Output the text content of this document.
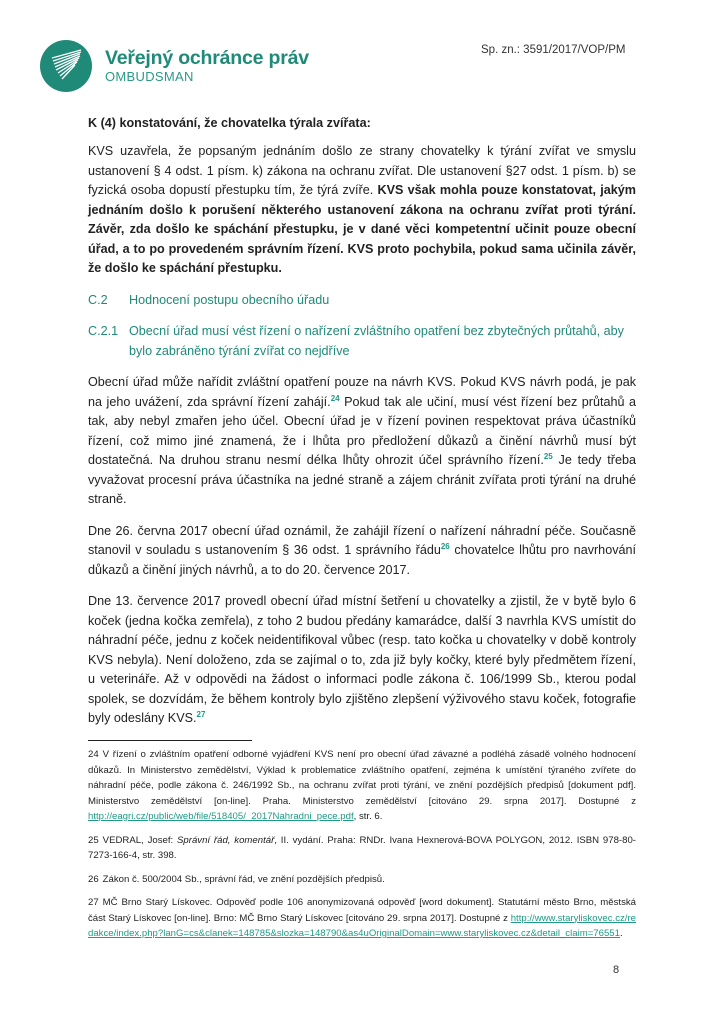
Veřejný ochránce práv
OMBUDSMAN
Sp. zn.: 3591/2017/VOP/PM
K (4) konstatování, že chovatelka týrala zvířata:

KVS uzavřela, že popsaným jednáním došlo ze strany chovatelky k týrání zvířat ve smyslu ustanovení § 4 odst. 1 písm. k) zákona na ochranu zvířat. Dle ustanovení §27 odst. 1 písm. b) se fyzická osoba dopustí přestupku tím, že týrá zvíře. KVS však mohla pouze konstatovat, jakým jednáním došlo k porušení některého ustanovení zákona na ochranu zvířat proti týrání. Závěr, zda došlo ke spáchání přestupku, je v dané věci kompetentní učinit pouze obecní úřad, a to po provedeném správním řízení. KVS proto pochybila, pokud sama učinila závěr, že došlo ke spáchání přestupku.

C.2	Hodnocení postupu obecního úřadu
C.2.1 Obecní úřad musí vést řízení o nařízení zvláštního opatření bez zbytečných průtahů, aby bylo zabráněno týrání zvířat co nejdříve

Obecní úřad může nařídit zvláštní opatření pouze na návrh KVS. Pokud KVS návrh podá, je pak na jeho uvážení, zda správní řízení zahájí.$^{24}$ Pokud tak ale učiní, musí vést řízení bez průtahů a tak, aby nebyl zmařen jeho účel. Obecní úřad je v řízení povinen respektovat práva účastníků řízení, což mimo jiné znamená, že i lhůta pro předložení důkazů a činění návrhů musí být dostatečná. Na druhou stranu nesmí délka lhůty ohrozit účel správního řízení.$^{25}$ Je tedy třeba vyvažovat procesní práva účastníka na jedné straně a zájem chránit zvířata proti týrání na druhé straně.

Dne 26. června 2017 obecní úřad oznámil, že zahájil řízení o nařízení náhradní péče. Současně stanovil v souladu s ustanovením § 36 odst. 1 správního řádu$^{26}$ chovatelce lhůtu pro navrhování důkazů a činění jiných návrhů, a to do 20. července 2017.

Dne 13. července 2017 provedl obecní úřad místní šetření u chovatelky a zjistil, že v bytě bylo 6 koček (jedna kočka zemřela), z toho 2 budou předány kamarádce, další 3 navrhla KVS umístit do náhradní péče, jednu z koček neidentifikoval vůbec (resp. tato kočka u chovatelky v době kontroly KVS nebyla). Není doloženo, zda se zajímal o to, zda již byly kočky, které byly předmětem řízení, u veterináře. Až v odpovědi na žádost o informaci podle zákona č. 106/1999 Sb., kterou podal spolek, se dozvídám, že během kontroly bylo zjištěno zlepšení výživového stavu koček, fotografie byly odeslány KVS.$^{27}$

24 V řízení o zvláštním opatření odborné vyjádření KVS není pro obecní úřad závazné a podléhá zásadě volného hodnocení důkazů. In Ministerstvo zemědělství, Výklad k problematice zvláštního opatření, zejména k umístění týraného zvířete do náhradní péče, podle zákona č. 246/1992 Sb., na ochranu zvířat proti týrání, ve znění pozdějších předpisů [dokument pdf]. Ministerstvo zemědělství [on-line]. Praha. Ministerstvo zemědělství [citováno 29. srpna 2017]. Dostupné z http://eagri.cz/public/web/file/518405/_2017Nahradni_pece.pdf, str. 6.
25 VEDRAL, Josef: Správní řád, komentář, II. vydání. Praha: RNDr. Ivana Hexnerová-BOVA POLYGON, 2012. ISBN 978-80-7273-166-4, str. 398.
26 Zákon č. 500/2004 Sb., správní řád, ve znění pozdějších předpisů.
27 MČ Brno Starý Lískovec. Odpověď podle 106 anonymizovaná odpověď [word dokument]. Statutární město Brno, městská část Starý Lískovec [on-line]. Brno: MČ Brno Starý Lískovec [citováno 29. srpna 2017]. Dostupné z http://www.staryliskovec.cz/redakce/index.php?lanG=cs&clanek=148785&slozka=148790&as4uOriginalDomain=www.staryliskovec.cz&detail_claim=76551.
8
